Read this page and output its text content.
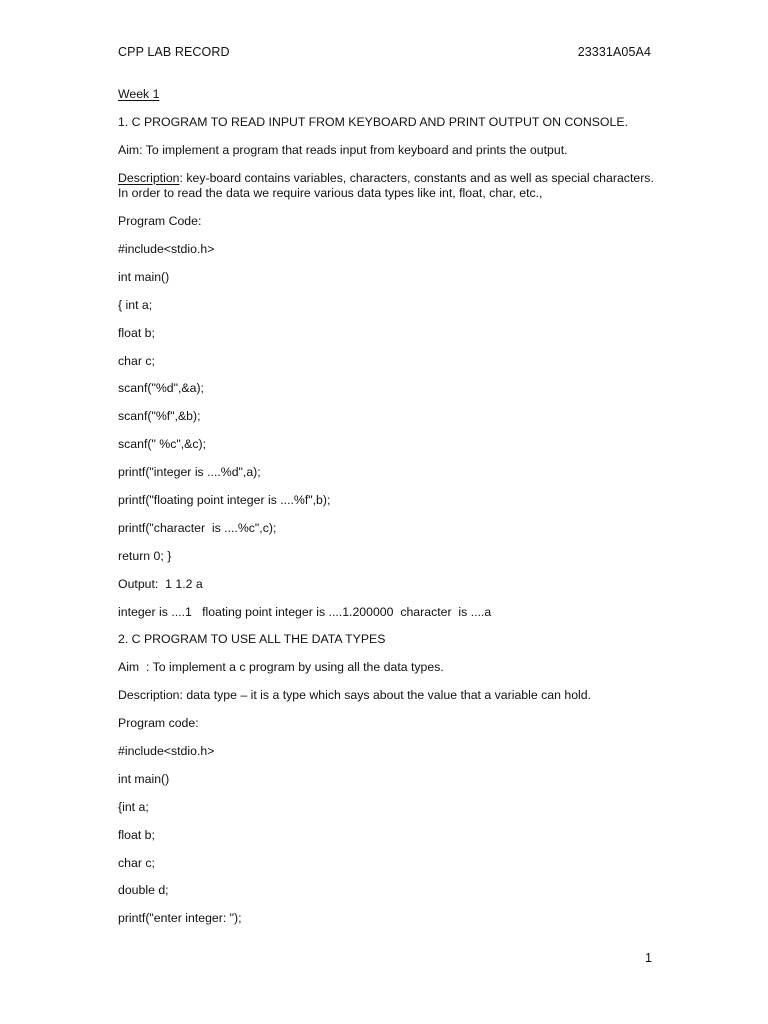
CPP LAB RECORD	23331A05A4

Week 1

1. C PROGRAM TO READ INPUT FROM KEYBOARD AND PRINT OUTPUT ON CONSOLE.

Aim: To implement a program that reads input from keyboard and prints the output.

Description: key-board contains variables, characters, constants and as well as special characters. In order to read the data we require various data types like int, float, char, etc.,

Program Code:

#include<stdio.h>

int main()

{ int a;

float b;

char c;

scanf("%d",&a);

scanf("%f",&b);

scanf(" %c",&c);

printf("integer is ....%d",a);

printf("floating point integer is ....%f",b);

printf("character  is ....%c",c);

return 0; }

Output:  1 1.2 a

integer is ....1   floating point integer is ....1.200000  character  is ....a

2. C PROGRAM TO USE ALL THE DATA TYPES

Aim  : To implement a c program by using all the data types.

Description: data type – it is a type which says about the value that a variable can hold.

Program code:

#include<stdio.h>

int main()

{int a;

float b;

char c;

double d;

printf("enter integer: ");

1
